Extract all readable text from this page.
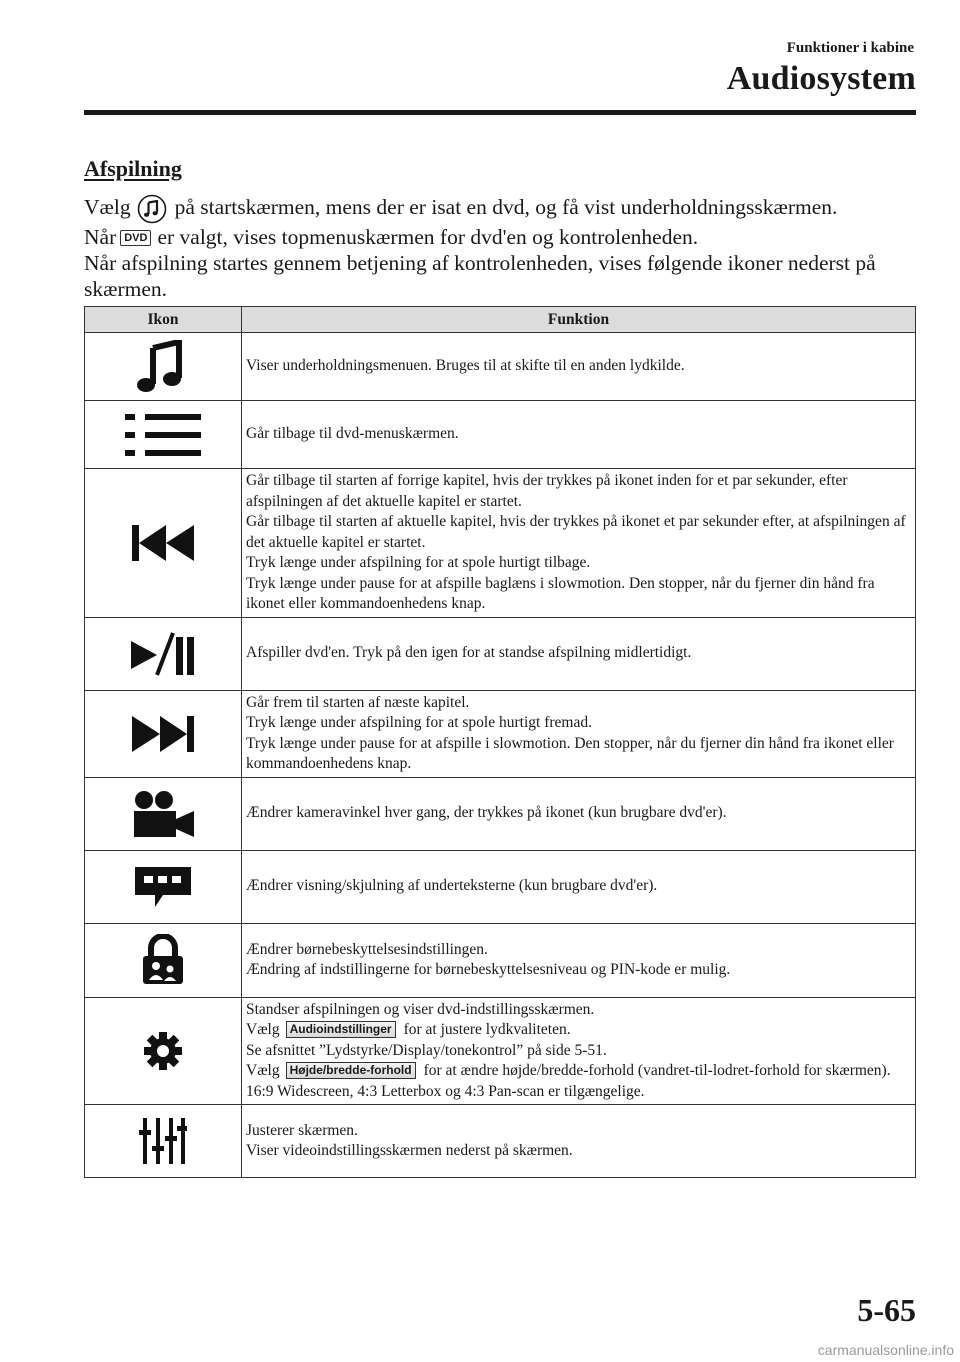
Funktioner i kabine
Audiosystem
Afspilning

Vælg på startskærmen, mens der er isat en dvd, og få vist underholdningsskærmen.

Når DVD er valgt, vises topmenuskærmen for dvd'en og kontrolenheden.

Når afspilning startes gennem betjening af kontrolenheden, vises følgende ikoner nederst på skærmen.

Ikon	Funktion

Viser underholdningsmenuen. Bruges til at skifte til en anden lydkilde.

Går tilbage til dvd-menuskærmen.

Går tilbage til starten af forrige kapitel, hvis der trykkes på ikonet inden for et par sekunder, efter afspilningen af det aktuelle kapitel er startet.
Går tilbage til starten af aktuelle kapitel, hvis der trykkes på ikonet et par sekunder efter, at afspilningen af det aktuelle kapitel er startet.
Tryk længe under afspilning for at spole hurtigt tilbage.
Tryk længe under pause for at afspille baglæns i slowmotion. Den stopper, når du fjerner din hånd fra ikonet eller kommandoenhedens knap.

Afspiller dvd'en. Tryk på den igen for at standse afspilning midlertidigt.

Går frem til starten af næste kapitel.
Tryk længe under afspilning for at spole hurtigt fremad.
Tryk længe under pause for at afspille i slowmotion. Den stopper, når du fjerner din hånd fra ikonet eller kommandoenhedens knap.

Ændrer kameravinkel hver gang, der trykkes på ikonet (kun brugbare dvd'er).

Ændrer visning/skjulning af underteksterne (kun brugbare dvd'er).

Ændrer børnebeskyttelsesindstillingen.
Ændring af indstillingerne for børnebeskyttelsesniveau og PIN-kode er mulig.

Standser afspilningen og viser dvd-indstillingsskærmen.
Vælg Audioindstillinger for at justere lydkvaliteten.
Se afsnittet ”Lydstyrke/Display/tonekontrol” på side 5-51.
Vælg Højde/bredde-forhold for at ændre højde/bredde-forhold (vandret-til-lodret-forhold for skærmen). 16:9 Widescreen, 4:3 Letterbox og 4:3 Pan-scan er tilgængelige.

Justerer skærmen.
Viser videoindstillingsskærmen nederst på skærmen.
5-65
carmanualsonline.info
